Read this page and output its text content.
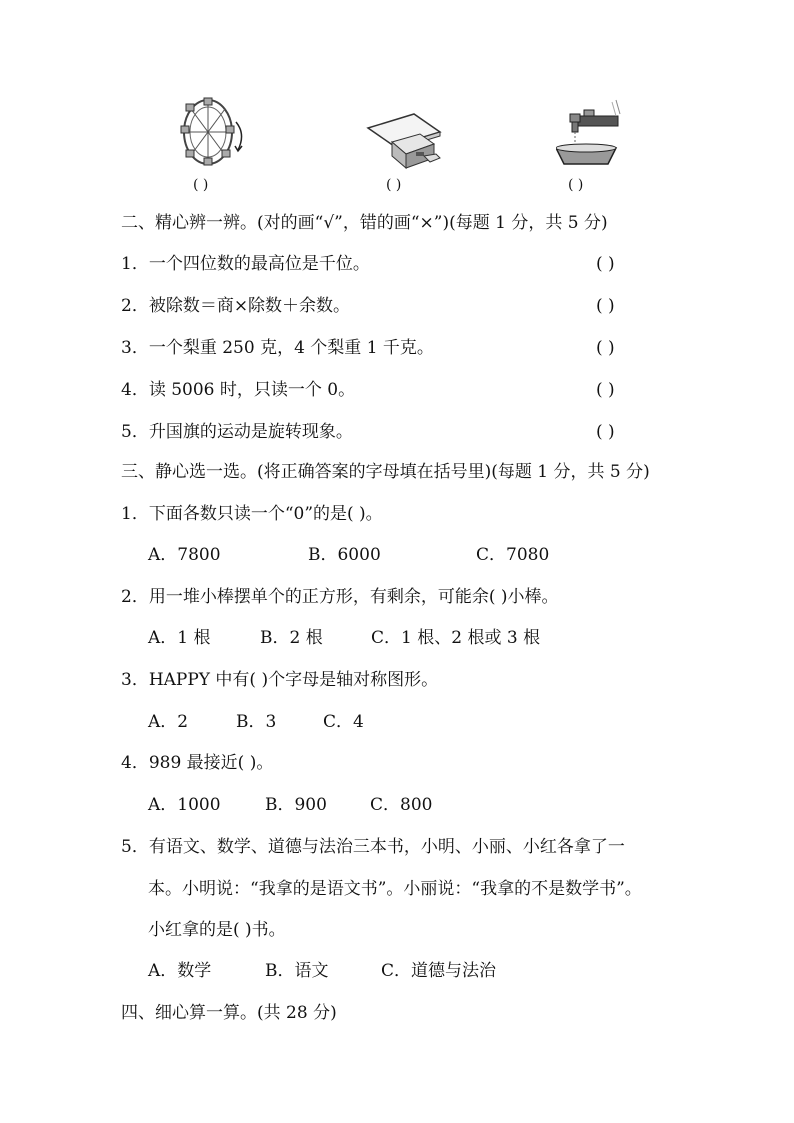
( )	( )	( )
二、精心辨一辨。(对的画“√”，错的画“×”)(每题 1 分，共 5 分)
1．一个四位数的最高位是千位。	( )
2．被除数＝商×除数＋余数。	( )
3．一个梨重 250 克，4 个梨重 1 千克。	( )
4．读 5006 时，只读一个 0。	( )
5．升国旗的运动是旋转现象。	( )
三、静心选一选。(将正确答案的字母填在括号里)(每题 1 分，共 5 分)
1．下面各数只读一个“0”的是( )。
A．7800	B．6000	C．7080
2．用一堆小棒摆单个的正方形，有剩余，可能余( )小棒。
A．1 根	B．2 根	C．1 根、2 根或 3 根
3．HAPPY 中有( )个字母是轴对称图形。
A．2	B．3	C．4
4．989 最接近( )。
A．1000	B．900	C．800
5．有语文、数学、道德与法治三本书，小明、小丽、小红各拿了一
本。小明说：“我拿的是语文书”。小丽说：“我拿的不是数学书”。
小红拿的是( )书。
A．数学	B．语文	C．道德与法治
四、细心算一算。(共 28 分)
